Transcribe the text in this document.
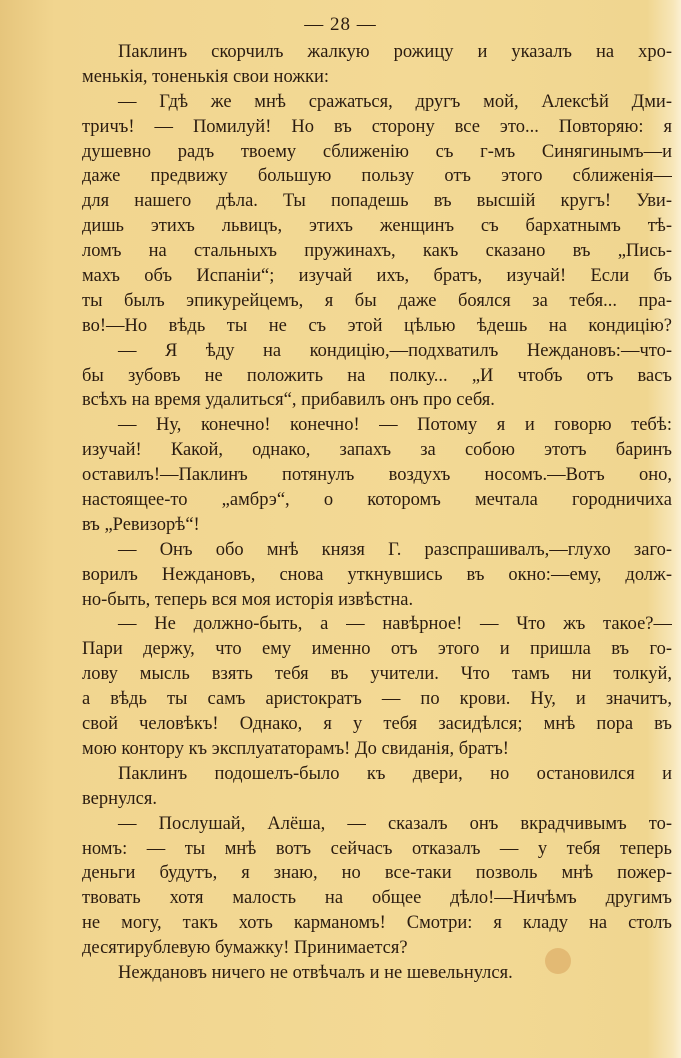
— 28 —
Паклинъ скорчилъ жалкую рожицу и указалъ на хро-
менькія, тоненькія свои ножки:
— Гдѣ же мнѣ сражаться, другъ мой, Алексѣй Дми-
тричъ! — Помилуй! Но въ сторону все это... Повторяю: я
душевно радъ твоему сближенію съ г-мъ Синягинымъ—и
даже предвижу большую пользу отъ этого сближенія—
для нашего дѣла. Ты попадешь въ высшій кругъ! Уви-
дишь этихъ львицъ, этихъ женщинъ съ бархатнымъ тѣ-
ломъ на стальныхъ пружинахъ, какъ сказано въ „Пись-
махъ объ Испаніи“; изучай ихъ, братъ, изучай! Если бъ
ты былъ эпикурейцемъ, я бы даже боялся за тебя... пра-
во!—Но вѣдь ты не съ этой цѣлью ѣдешь на кондицію?
— Я ѣду на кондицію,—подхватилъ Неждановъ:—что-
бы зубовъ не положить на полку... „И чтобъ отъ васъ
всѣхъ на время удалиться“, прибавилъ онъ про себя.
— Ну, конечно! конечно! — Потому я и говорю тебѣ:
изучай! Какой, однако, запахъ за собою этотъ баринъ
оставилъ!—Паклинъ потянулъ воздухъ носомъ.—Вотъ оно,
настоящее-то „амбрэ“, о которомъ мечтала городничиха
въ „Ревизорѣ“!
— Онъ обо мнѣ князя Г. разспрашивалъ,—глухо заго-
ворилъ Неждановъ, снова уткнувшись въ окно:—ему, долж-
но-быть, теперь вся моя исторія извѣстна.
— Не должно-быть, а — навѣрное! — Что жъ такое?—
Пари держу, что ему именно отъ этого и пришла въ го-
лову мысль взять тебя въ учители. Что тамъ ни толкуй,
а вѣдь ты самъ аристократъ — по крови. Ну, и значитъ,
свой человѣкъ! Однако, я у тебя засидѣлся; мнѣ пора въ
мою контору къ эксплуататорамъ! До свиданія, братъ!
Паклинъ подошелъ-было къ двери, но остановился и
вернулся.
— Послушай, Алёша, — сказалъ онъ вкрадчивымъ то-
номъ: — ты мнѣ вотъ сейчасъ отказалъ — у тебя теперь
деньги будутъ, я знаю, но все-таки позволь мнѣ пожер-
твовать хотя малость на общее дѣло!—Ничѣмъ другимъ
не могу, такъ хоть карманомъ! Смотри: я кладу на столъ
десятирублевую бумажку! Принимается?
Неждановъ ничего не отвѣчалъ и не шевельнулся.
